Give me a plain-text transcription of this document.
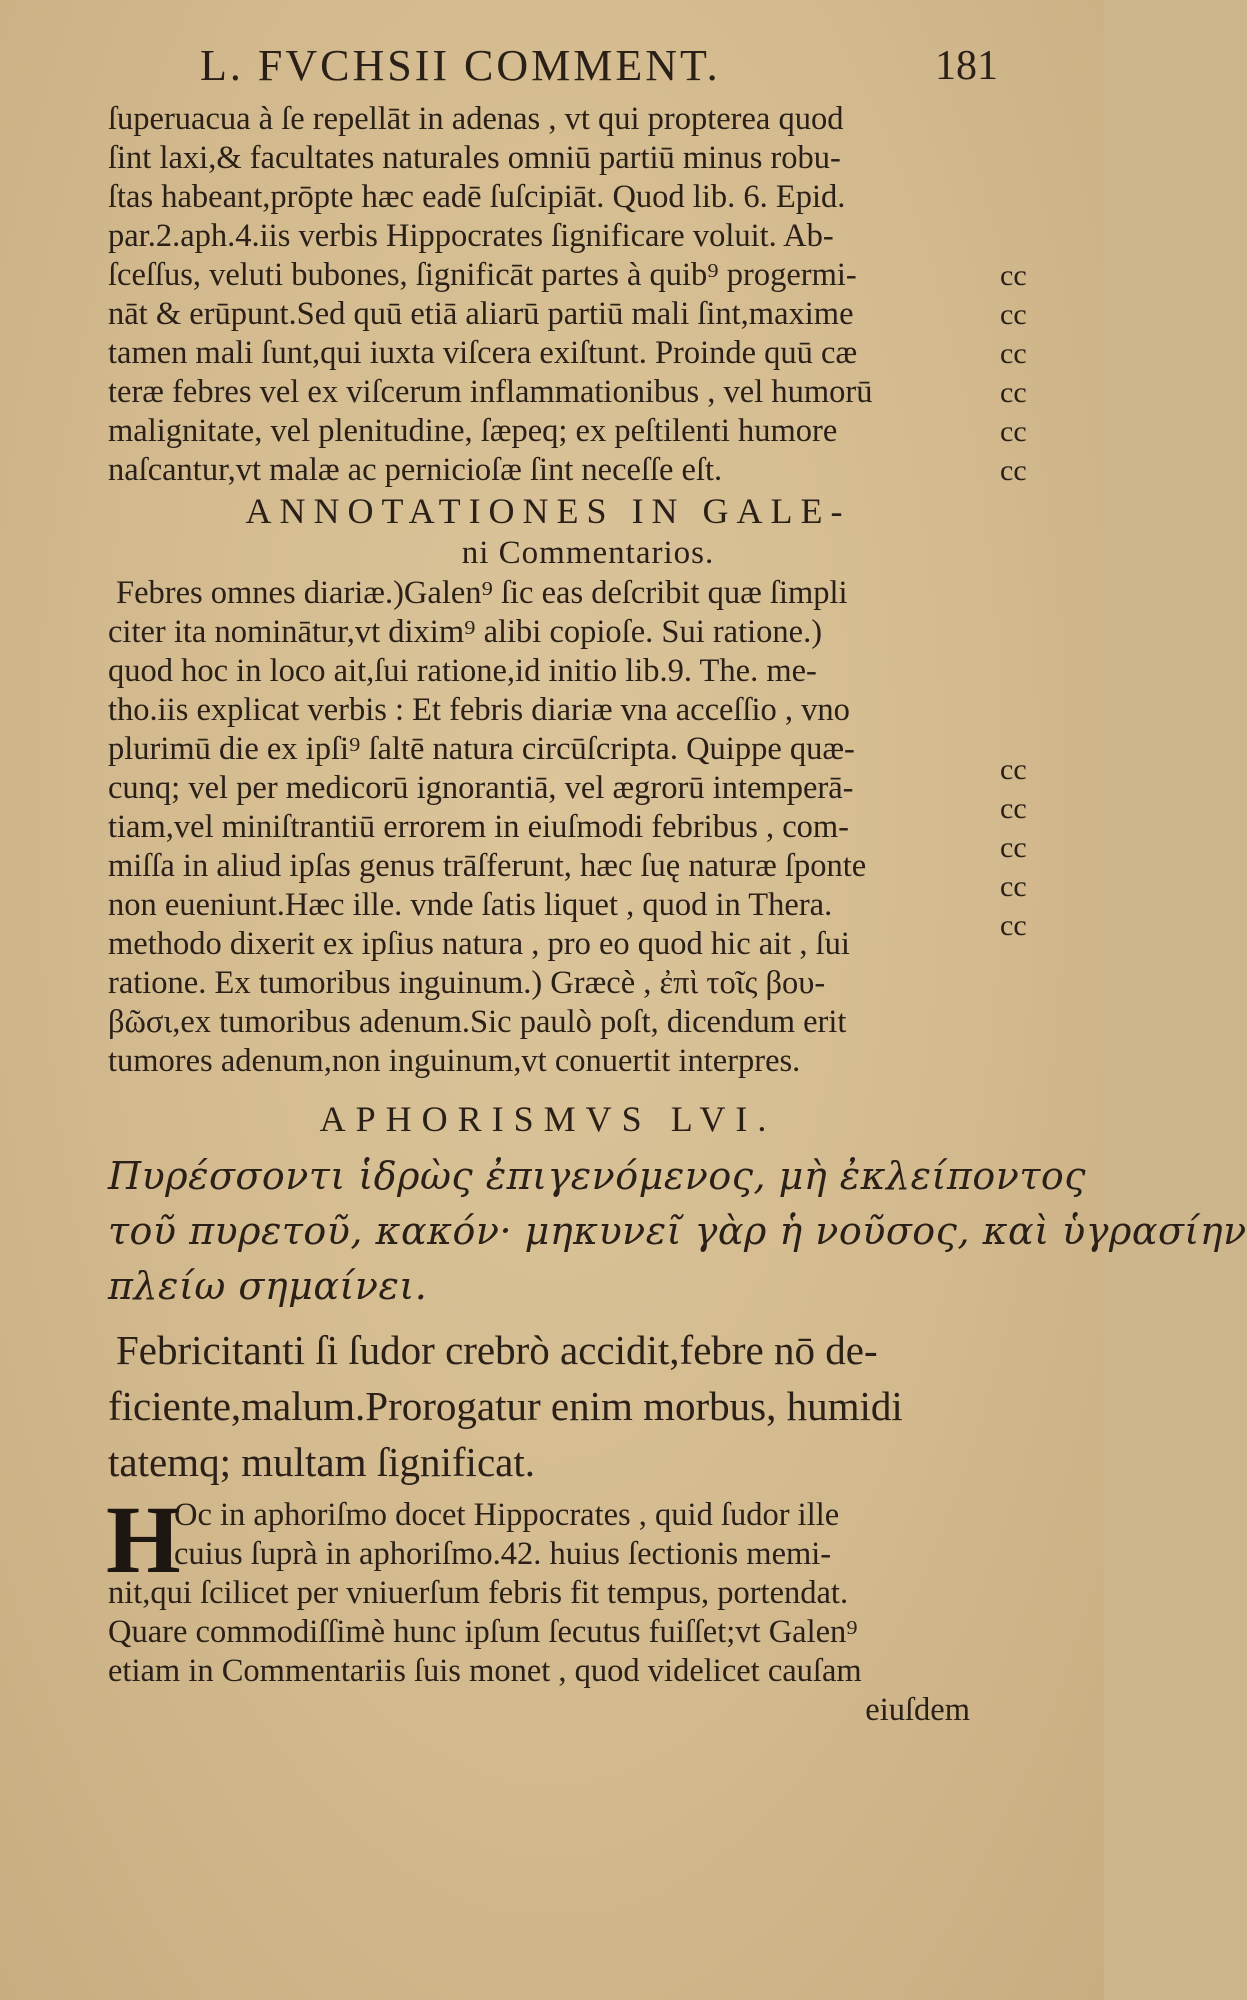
L. FVCHSII COMMENT.	181
ſuperuacua à ſe repellāt in adenas , vt qui propterea quod
ſint laxi,& facultates naturales omniū partiū minus robu-
ſtas habeant,prōpte hæc eadē ſuſcipiāt. Quod lib. 6. Epid.
par.2.aph.4.iis verbis Hippocrates ſignificare voluit. Ab-
ſceſſus, veluti bubones, ſignificāt partes à quib⁹ progermi-
nāt & erūpunt.Sed quū etiā aliarū partiū mali ſint,maxime
tamen mali ſunt,qui iuxta viſcera exiſtunt. Proinde quū cæ
teræ febres vel ex viſcerum inflammationibus , vel humorū
malignitate, vel plenitudine, ſæpeq; ex peſtilenti humore
naſcantur,vt malæ ac pernicioſæ ſint neceſſe eſt.
ANNOTATIONES IN GALE-
ni Commentarios.
Febres omnes diariæ.)Galen⁹ ſic eas deſcribit quæ ſimpli
citer ita nominātur,vt dixim⁹ alibi copioſe. Sui ratione.)
quod hoc in loco ait,ſui ratione,id initio lib.9. The. me-
tho.iis explicat verbis : Et febris diariæ vna acceſſio , vno
plurimū die ex ipſi⁹ ſaltē natura circūſcripta. Quippe quæ-
cunq; vel per medicorū ignorantiā, vel ægrorū intemperā-
tiam,vel miniſtrantiū errorem in eiuſmodi febribus , com-
miſſa in aliud ipſas genus trāſferunt, hæc ſuę naturæ ſponte
non eueniunt.Hæc ille. vnde ſatis liquet , quod in Thera.
methodo dixerit ex ipſius natura , pro eo quod hic ait , ſui
ratione. Ex tumoribus inguinum.) Græcè , ἐπὶ τοῖς βου-
βῶσι,ex tumoribus adenum.Sic paulò poſt, dicendum erit
tumores adenum,non inguinum,vt conuertit interpres.
APHORISMVS LVI.
Πυρέσσοντι ἱδρὼς ἐπιγενόμενος, μὴ ἐκλείποντος
τοῦ πυρετοῦ, κακόν· μηκυνεῖ γὰρ ἡ νοῦσος, καὶ ὑγρασίην
πλείω σημαίνει.
Febricitanti ſi ſudor crebrò accidit,febre nō de-
ficiente,malum.Prorogatur enim morbus, humidi
tatemq; multam ſignificat.
H
Oc in aphoriſmo docet Hippocrates , quid ſudor ille
cuius ſuprà in aphoriſmo.42. huius ſectionis memi-
nit,qui ſcilicet per vniuerſum febris fit tempus, portendat.
Quare commodiſſimè hunc ipſum ſecutus fuiſſet;vt Galen⁹
etiam in Commentariis ſuis monet , quod videlicet cauſam
eiuſdem
cc
cc
cc
cc
cc
cc
cc
cc
cc
cc
cc
